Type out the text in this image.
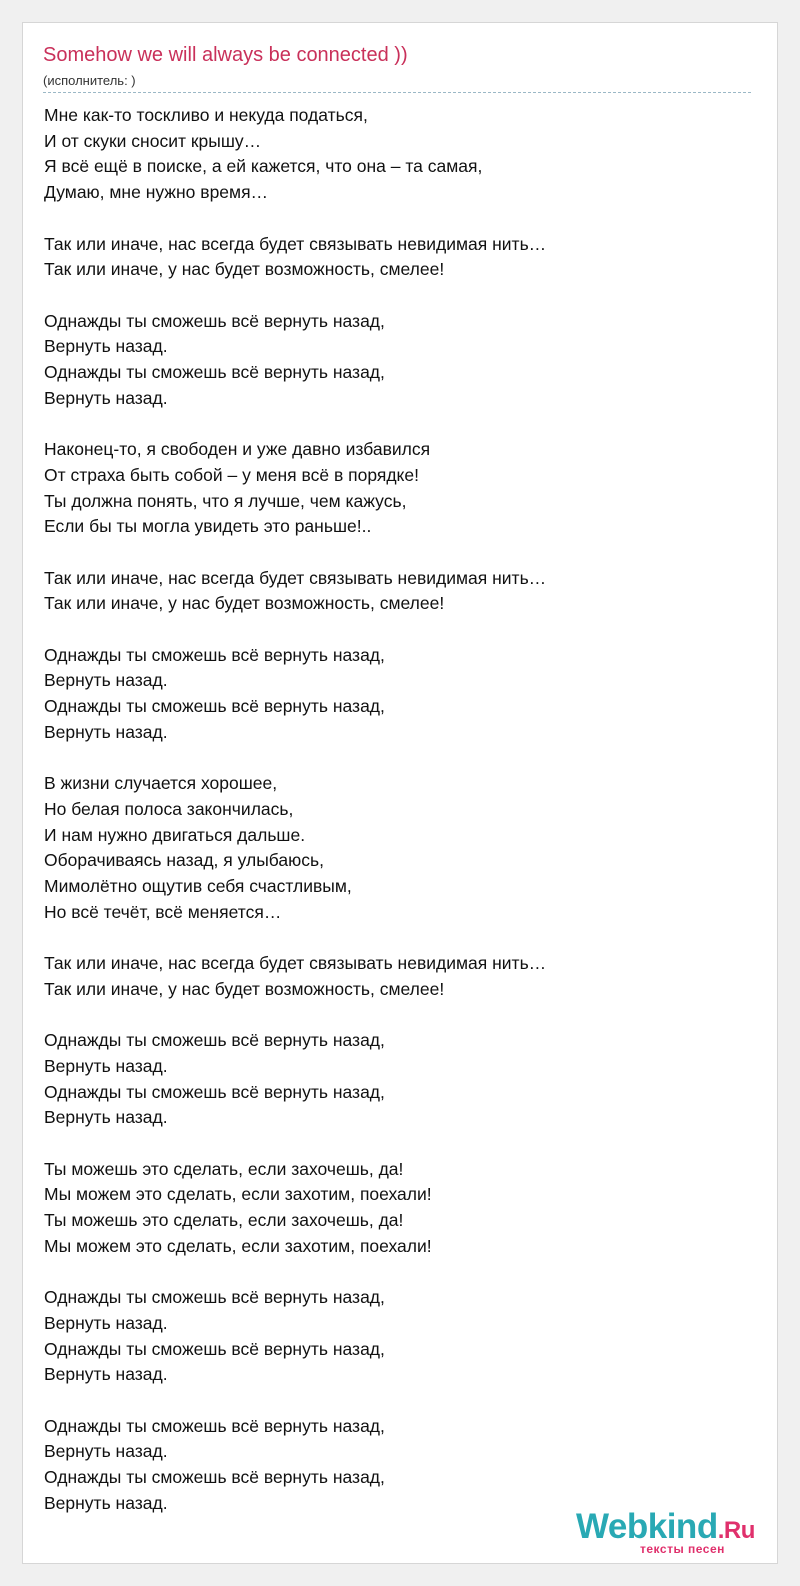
Somehow we will always be connected ))
(исполнитель: )
Мне как-то тоскливо и некуда податься,
И от скуки сносит крышу…
Я всё ещё в поиске, а ей кажется, что она – та самая,
Думаю, мне нужно время…
Так или иначе, нас всегда будет связывать невидимая нить…
Так или иначе, у нас будет возможность, смелее!
Однажды ты сможешь всё вернуть назад,
Вернуть назад.
Однажды ты сможешь всё вернуть назад,
Вернуть назад.
Наконец-то, я свободен и уже давно избавился
От страха быть собой – у меня всё в порядке!
Ты должна понять, что я лучше, чем кажусь,
Если бы ты могла увидеть это раньше!..
Так или иначе, нас всегда будет связывать невидимая нить…
Так или иначе, у нас будет возможность, смелее!
Однажды ты сможешь всё вернуть назад,
Вернуть назад.
Однажды ты сможешь всё вернуть назад,
Вернуть назад.
В жизни случается хорошее,
Но белая полоса закончилась,
И нам нужно двигаться дальше.
Оборачиваясь назад, я улыбаюсь,
Мимолётно ощутив себя счастливым,
Но всё течёт, всё меняется…
Так или иначе, нас всегда будет связывать невидимая нить…
Так или иначе, у нас будет возможность, смелее!
Однажды ты сможешь всё вернуть назад,
Вернуть назад.
Однажды ты сможешь всё вернуть назад,
Вернуть назад.
Ты можешь это сделать, если захочешь, да!
Мы можем это сделать, если захотим, поехали!
Ты можешь это сделать, если захочешь, да!
Мы можем это сделать, если захотим, поехали!
Однажды ты сможешь всё вернуть назад,
Вернуть назад.
Однажды ты сможешь всё вернуть назад,
Вернуть назад.
Однажды ты сможешь всё вернуть назад,
Вернуть назад.
Однажды ты сможешь всё вернуть назад,
Вернуть назад.
Webkind.Ru
тексты песен
